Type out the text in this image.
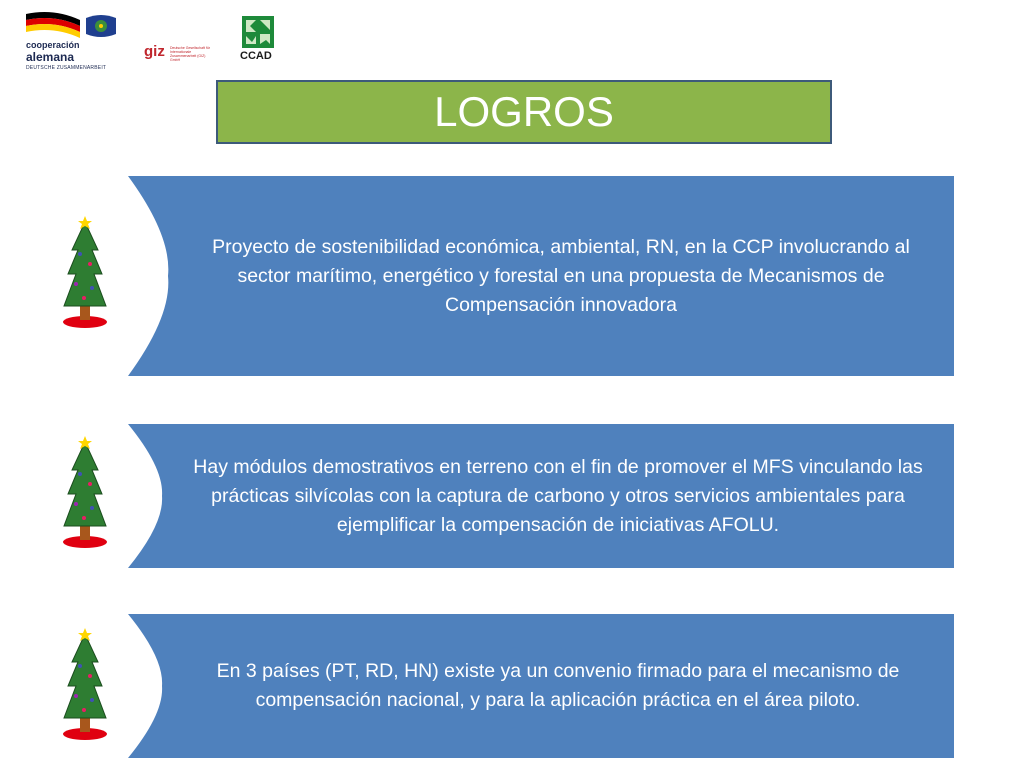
cooperación
alemana
DEUTSCHE ZUSAMMENARBEIT
giz Deutsche Gesellschaft für Internationale Zusammenarbeit (GIZ) GmbH	CCAD
LOGROS
Proyecto de sostenibilidad económica, ambiental, RN, en la CCP involucrando al sector marítimo, energético y forestal en una propuesta de Mecanismos de Compensación innovadora
Hay módulos demostrativos en terreno con el fin de promover el MFS vinculando las prácticas silvícolas con la captura de carbono y otros servicios ambientales para ejemplificar la compensación de iniciativas AFOLU.
En 3 países (PT, RD, HN) existe ya un convenio firmado para el mecanismo de compensación nacional, y para la aplicación práctica en el área piloto.
